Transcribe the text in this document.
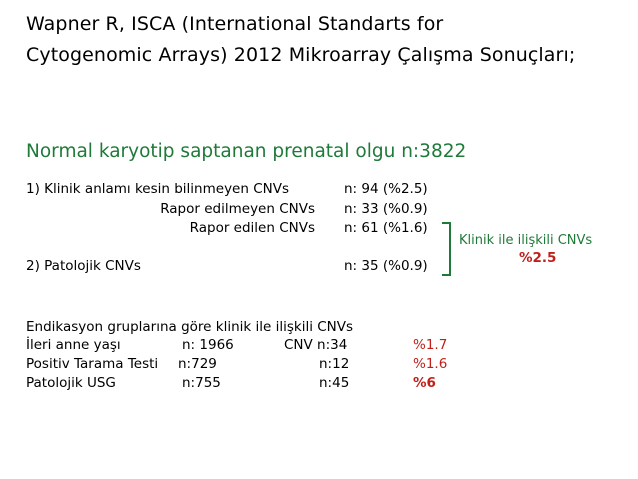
Wapner R, ISCA (International Standarts for
Cytogenomic Arrays) 2012 Mikroarray Çalışma Sonuçları;
Normal karyotip saptanan prenatal olgu n:3822
1) Klinik anlamı kesin bilinmeyen CNVs	n: 94 (%2.5)
Rapor edilmeyen CNVs n: 33 (%0.9)
Rapor edilen CNVs n: 61 (%1.6)
2) Patolojik CNVs	n: 35 (%0.9)
Klinik ile ilişkili CNVs
%2.5
Endikasyon gruplarına göre klinik ile ilişkili CNVs
İleri anne yaşı	n: 1966	CNV n:34	%1.7
Positiv Tarama Testi n:729	n:12	%1.6
Patolojik USG	n:755	n:45	%6
